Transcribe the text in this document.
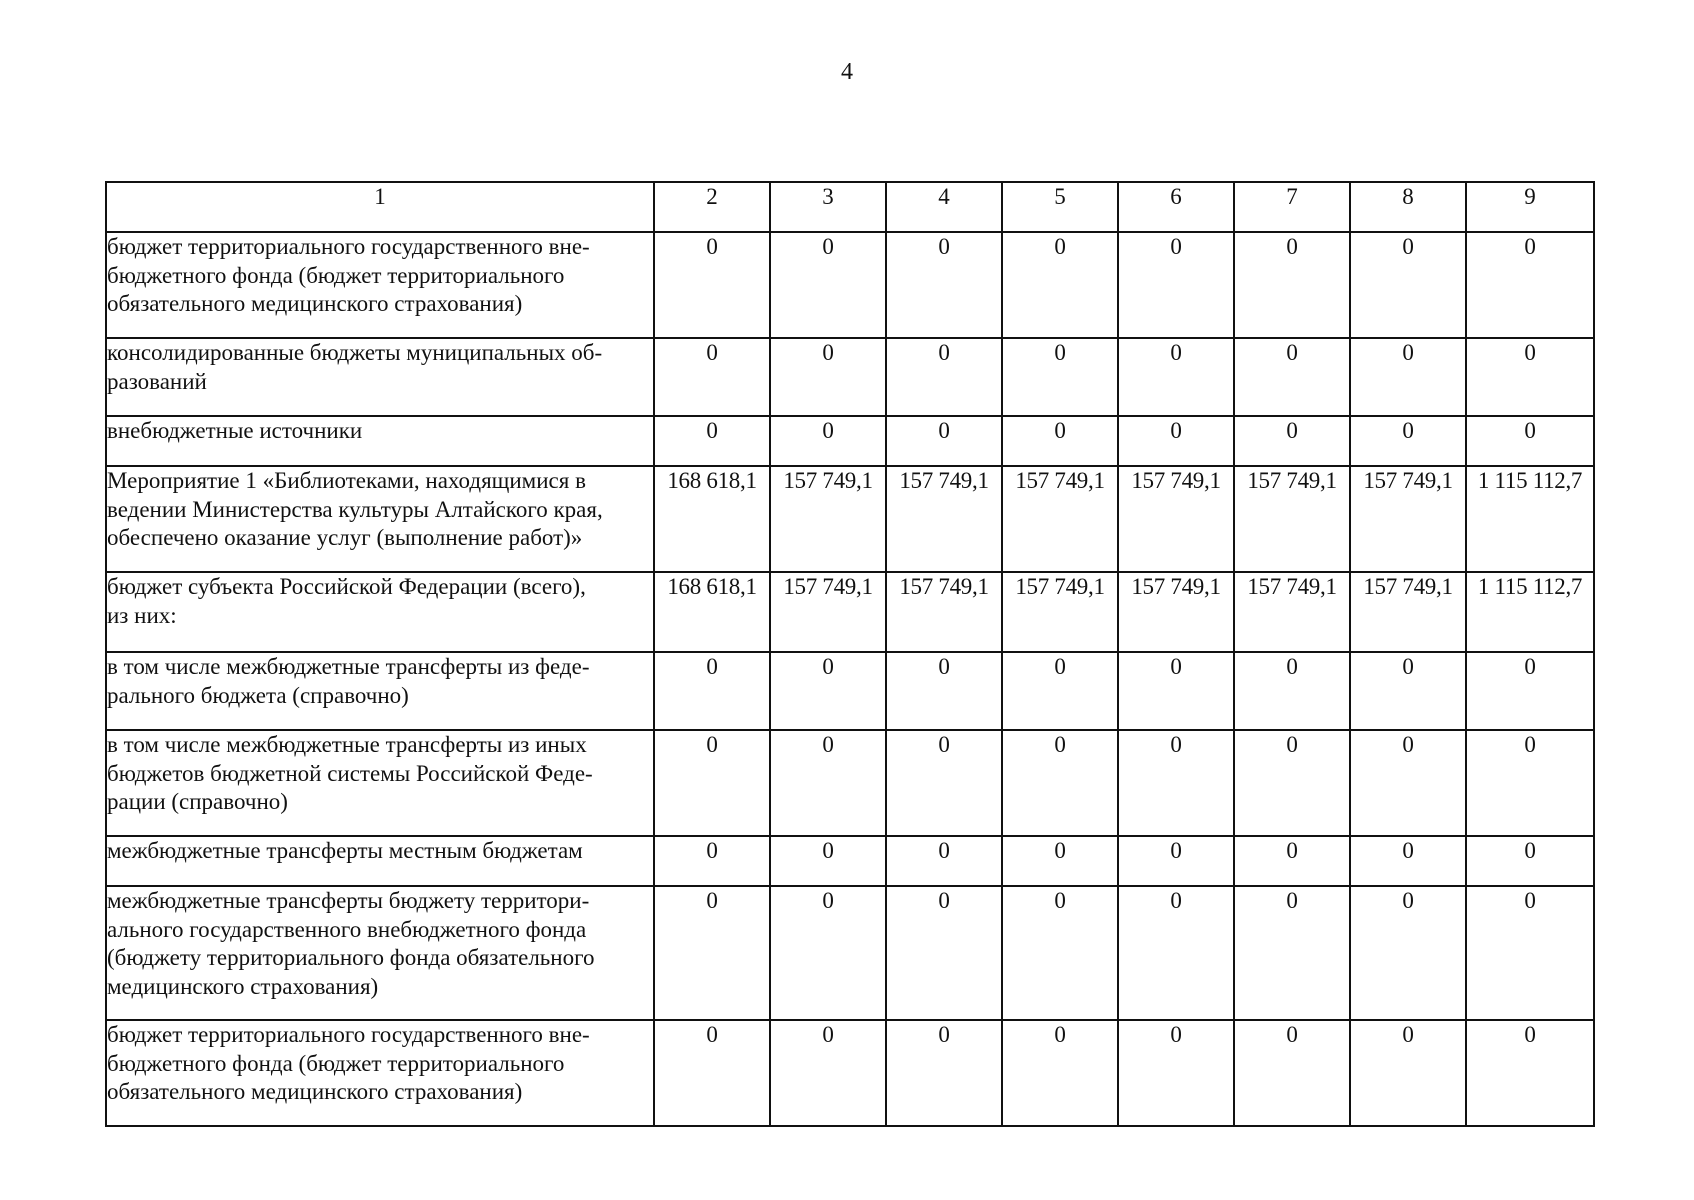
4
1	2	3	4	5	6	7	8	9

бюджет территориального государственного вне-
бюджетного фонда (бюджет территориального
обязательного медицинского страхования)	0	0	0	0	0	0	0	0

консолидированные бюджеты муниципальных об-
разований	0	0	0	0	0	0	0	0

внебюджетные источники	0	0	0	0	0	0	0	0

Мероприятие 1 «Библиотеками, находящимися в
ведении Министерства культуры Алтайского края,
обеспечено оказание услуг (выполнение работ)»	168 618,1	157 749,1	157 749,1	157 749,1	157 749,1	157 749,1	157 749,1	1 115 112,7

бюджет субъекта Российской Федерации (всего),
из них:	168 618,1	157 749,1	157 749,1	157 749,1	157 749,1	157 749,1	157 749,1	1 115 112,7

в том числе межбюджетные трансферты из феде-
рального бюджета (справочно)	0	0	0	0	0	0	0	0

в том числе межбюджетные трансферты из иных
бюджетов бюджетной системы Российской Феде-
рации (справочно)	0	0	0	0	0	0	0	0

межбюджетные трансферты местным бюджетам	0	0	0	0	0	0	0	0

межбюджетные трансферты бюджету территори-
ального государственного внебюджетного фонда
(бюджету территориального фонда обязательного
медицинского страхования)	0	0	0	0	0	0	0	0

бюджет территориального государственного вне-
бюджетного фонда (бюджет территориального
обязательного медицинского страхования)	0	0	0	0	0	0	0	0
